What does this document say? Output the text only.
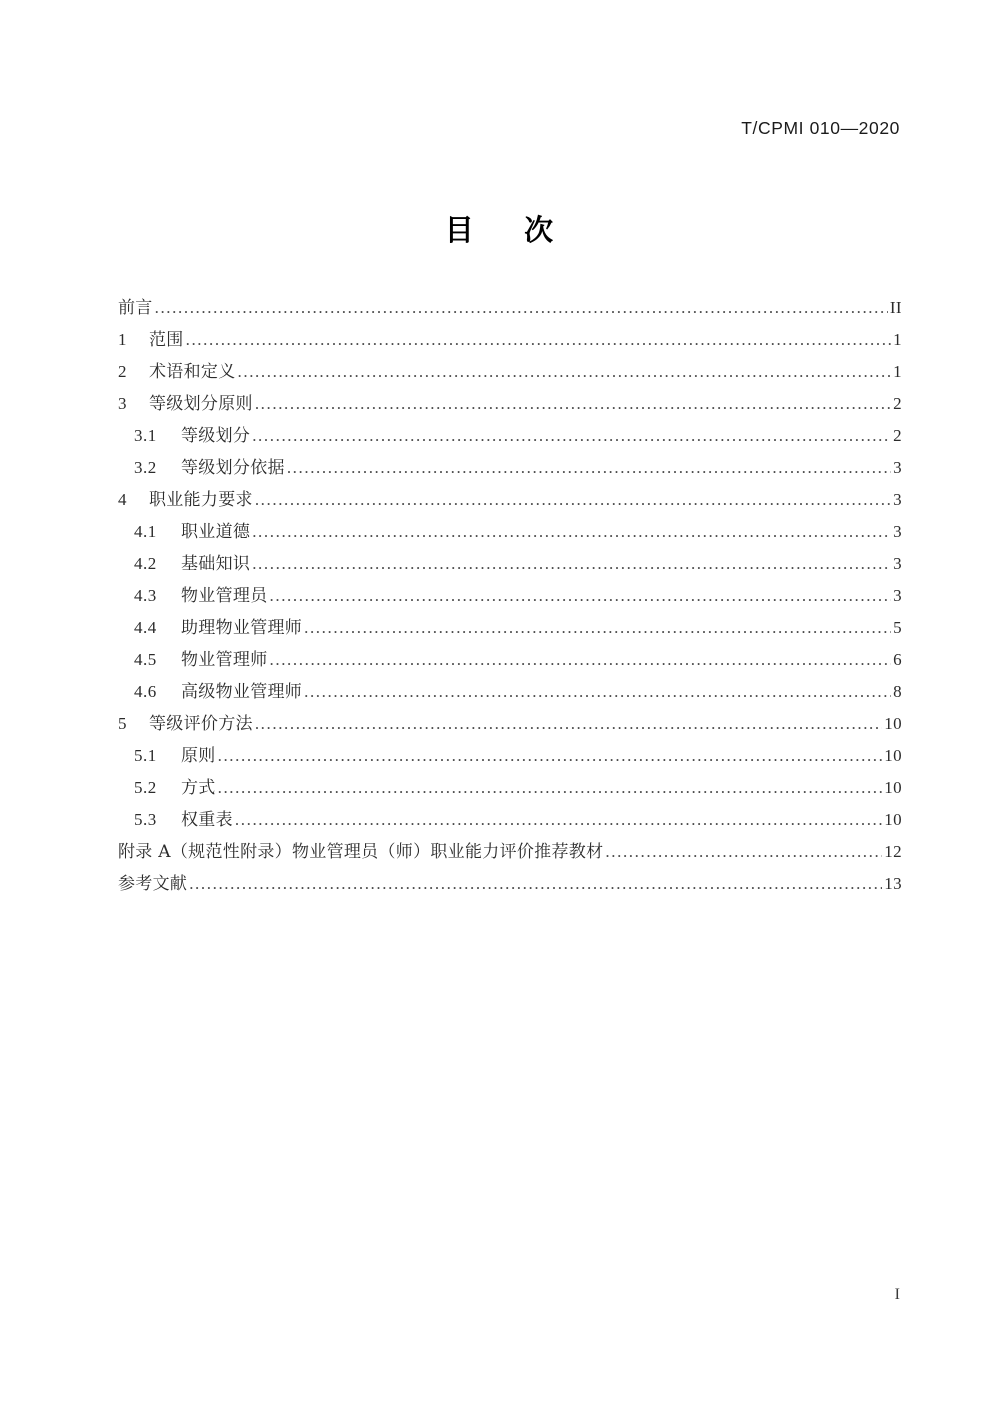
T/CPMI 010—2020
目    次
前言 .....	II
1 范围 .....	1
2 术语和定义 .....	1
3 等级划分原则 .....	2
3.1	等级划分 .....	2
3.2	等级划分依据 .....	3
4 职业能力要求 .....	3
4.1	职业道德 .....	3
4.2	基础知识 .....	3
4.3	物业管理员 .....	3
4.4	助理物业管理师 .....	5
4.5	物业管理师 .....	6
4.6	高级物业管理师 .....	8
5 等级评价方法 .....	10
5.1	原则 .....	10
5.2	方式 .....	10
5.3	权重表 .....	10
附录 A（规范性附录）物业管理员（师）职业能力评价推荐教材 .....	12
参考文献 .....	13
I
